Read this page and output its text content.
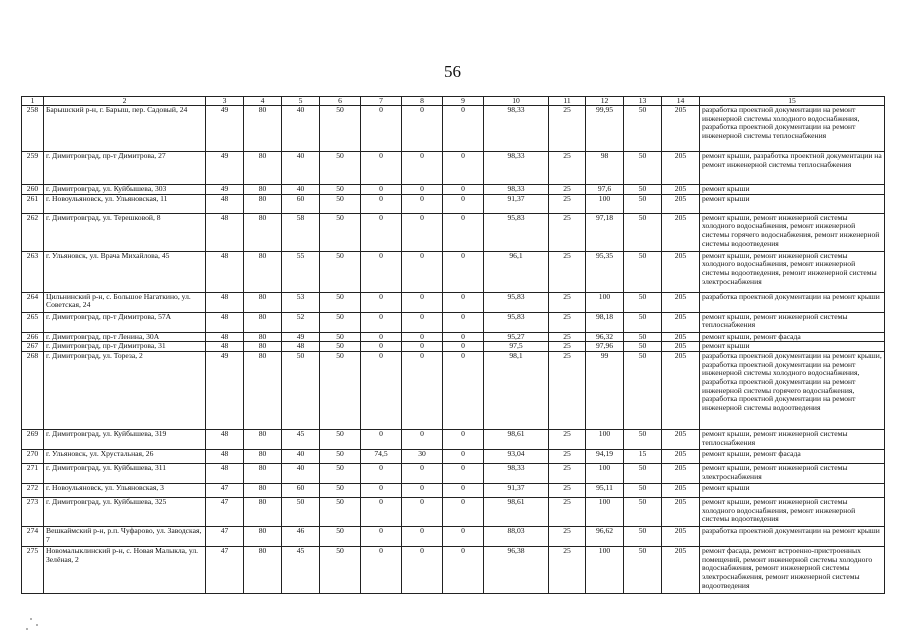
56
1	2	3	4	5	6	7	8	9	10	11	12	13	14	15
258	Барышский р-н, г. Барыш, пер. Садовый, 24	49	80	40	50	0	0	0	98,33	25	99,95	50	205	разработка проектной документации на ремонт инженерной системы холодного водоснабжения, разработка проектной документации на ремонт инженерной системы теплоснабжения
259	г. Димитровград, пр-т Димитрова, 27	49	80	40	50	0	0	0	98,33	25	98	50	205	ремонт крыши, разработка проектной документации на ремонт инженерной системы теплоснабжения
260	г. Димитровград, ул. Куйбышева, 303	49	80	40	50	0	0	0	98,33	25	97,6	50	205	ремонт крыши
261	г. Новоульяновск, ул. Ульяновская, 11	48	80	60	50	0	0	0	91,37	25	100	50	205	ремонт крыши
262	г. Димитровград, ул. Терешковой, 8	48	80	58	50	0	0	0	95,83	25	97,18	50	205	ремонт крыши, ремонт инженерной системы холодного водоснабжения, ремонт инженерной системы горячего водоснабжения, ремонт инженерной системы водоотведения
263	г. Ульяновск, ул. Врача Михайлова, 45	48	80	55	50	0	0	0	96,1	25	95,35	50	205	ремонт крыши, ремонт инженерной системы холодного водоснабжения, ремонт инженерной системы водоотведения, ремонт инженерной системы электроснабжения
264	Цильнинский р-н, с. Большое Нагаткино, ул. Советская, 24	48	80	53	50	0	0	0	95,83	25	100	50	205	разработка проектной документации на ремонт крыши
265	г. Димитровград, пр-т Димитрова, 57А	48	80	52	50	0	0	0	95,83	25	98,18	50	205	ремонт крыши, ремонт инженерной системы теплоснабжения
266	г. Димитровград, пр-т Ленина, 30А	48	80	49	50	0	0	0	95,27	25	96,32	50	205	ремонт крыши, ремонт фасада
267	г. Димитровград, пр-т Димитрова, 31	48	80	48	50	0	0	0	97,5	25	97,96	50	205	ремонт крыши
268	г. Димитровград, ул. Тореза, 2	49	80	50	50	0	0	0	98,1	25	99	50	205	разработка проектной документации на ремонт крыши, разработка проектной документации на ремонт инженерной системы холодного водоснабжения, разработка проектной документации на ремонт инженерной системы горячего водоснабжения, разработка проектной документации на ремонт инженерной системы водоотведения
269	г. Димитровград, ул. Куйбышева, 319	48	80	45	50	0	0	0	98,61	25	100	50	205	ремонт крыши, ремонт инженерной системы теплоснабжения
270	г. Ульяновск, ул. Хрустальная, 26	48	80	40	50	74,5	30	0	93,04	25	94,19	15	205	ремонт крыши, ремонт фасада
271	г. Димитровград, ул. Куйбышева, 311	48	80	40	50	0	0	0	98,33	25	100	50	205	ремонт крыши, ремонт инженерной системы электроснабжения
272	г. Новоульяновск, ул. Ульяновская, 3	47	80	60	50	0	0	0	91,37	25	95,11	50	205	ремонт крыши
273	г. Димитровград, ул. Куйбышева, 325	47	80	50	50	0	0	0	98,61	25	100	50	205	ремонт крыши, ремонт инженерной системы холодного водоснабжения, ремонт инженерной системы водоотведения
274	Вешкаймский р-н, р.п. Чуфарово, ул. Заводская, 7	47	80	46	50	0	0	0	88,03	25	96,62	50	205	разработка проектной документации на ремонт крыши
275	Новомалыклинский р-н, с. Новая Малыкла, ул. Зелёная, 2	47	80	45	50	0	0	0	96,38	25	100	50	205	ремонт фасада, ремонт встроенно-пристроенных помещений, ремонт инженерной системы холодного водоснабжения, ремонт инженерной системы электроснабжения, ремонт инженерной системы водоотведения
